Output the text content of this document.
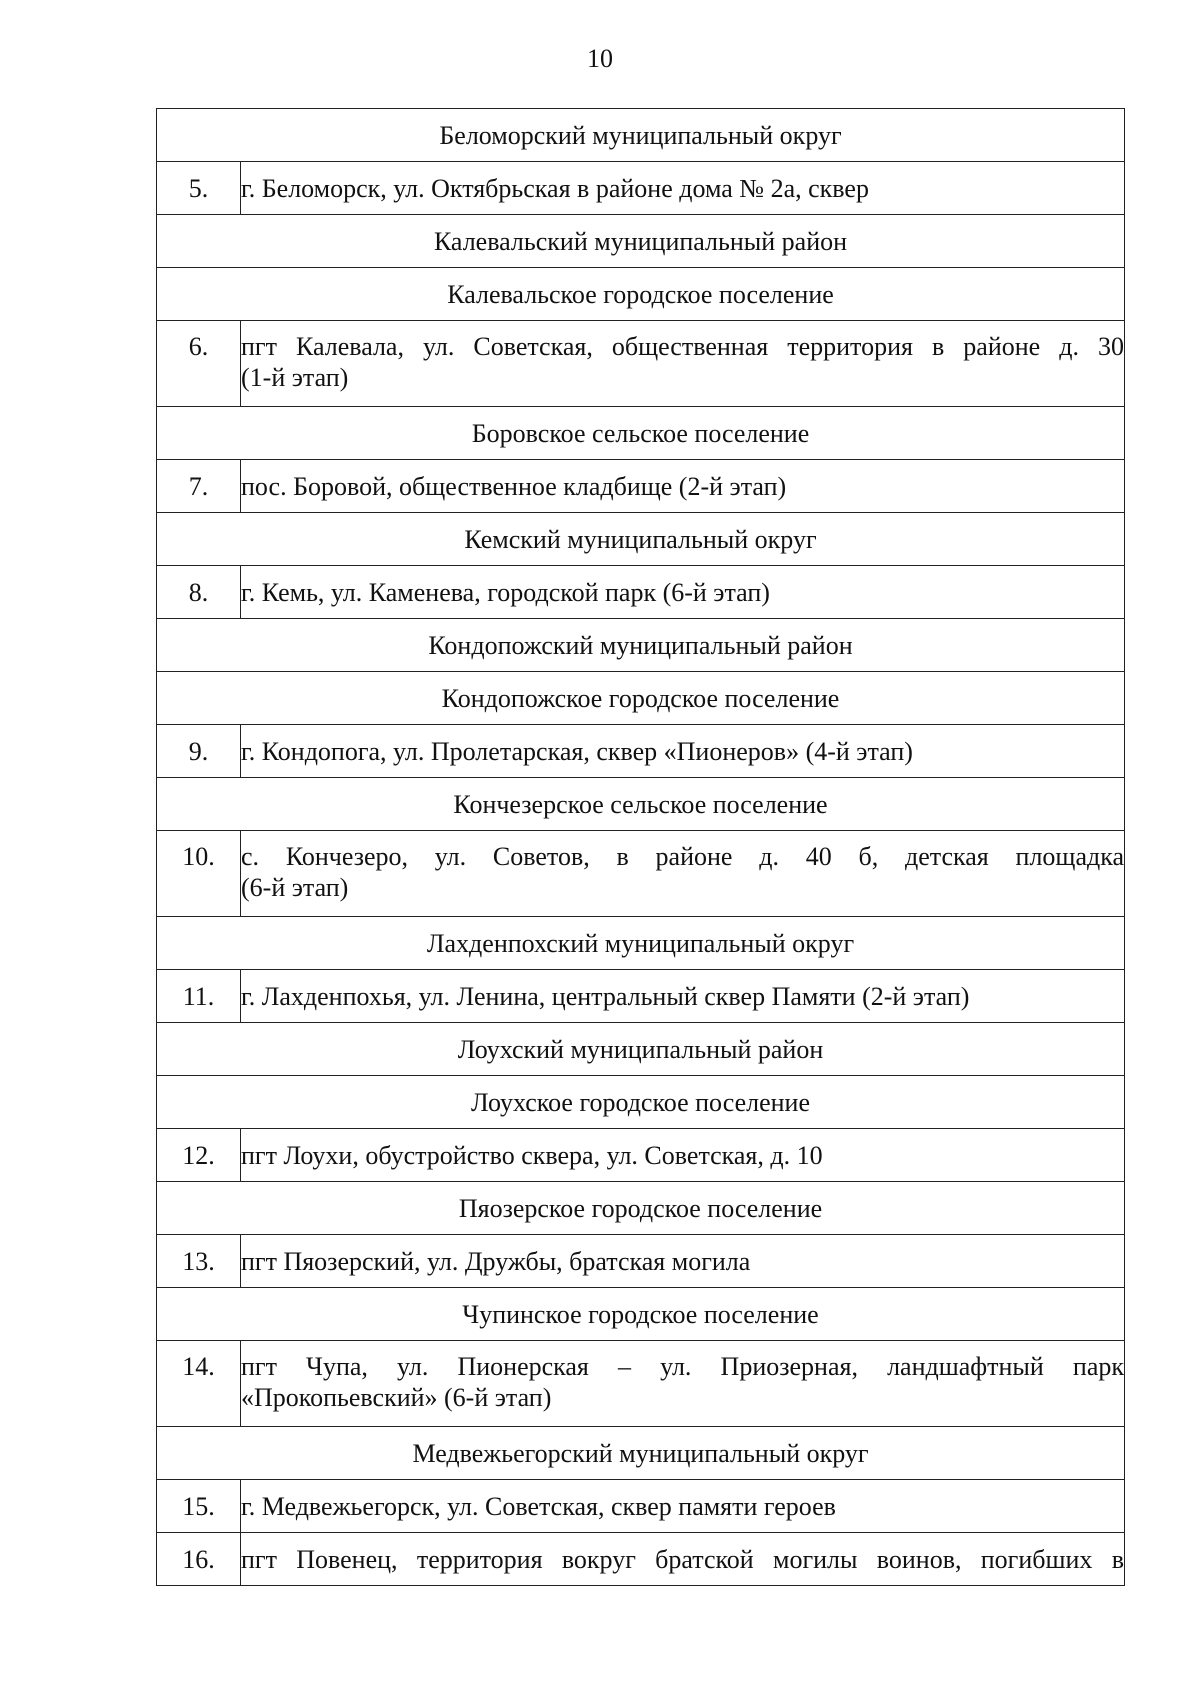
10
Беломорский муниципальный округ	
5.	г. Беломорск, ул. Октябрьская в районе дома № 2а, сквер
Калевальский муниципальный район	
Калевальское городское поселение	

6.	пгт Калевала, ул. Советская, общественная территория в районе д. 30
(1-й этап)

Боровское сельское поселение	
7.	пос. Боровой, общественное кладбище (2-й этап)
Кемский муниципальный округ	
8.	г. Кемь, ул. Каменева, городской парк (6-й этап)
Кондопожский муниципальный район	
Кондопожское городское поселение	
9.	г. Кондопога, ул. Пролетарская, сквер «Пионеров» (4-й этап)
Кончезерское сельское поселение	

10.	с. Кончезеро, ул. Советов, в районе д. 40 б, детская площадка
(6-й этап)

Лахденпохский муниципальный округ	
11.	г. Лахденпохья, ул. Ленина, центральный сквер Памяти (2-й этап)
Лоухский муниципальный район	
Лоухское городское поселение	
12.	пгт Лоухи, обустройство сквера, ул. Советская, д. 10
Пяозерское городское поселение	
13.	пгт Пяозерский, ул. Дружбы, братская могила
Чупинское городское поселение	

14.	пгт Чупа, ул. Пионерская – ул. Приозерная, ландшафтный парк
«Прокопьевский» (6-й этап)

Медвежьегорский муниципальный округ	
15.	г. Медвежьегорск, ул. Советская, сквер памяти героев
16.	пгт Повенец, территория вокруг братской могилы воинов, погибших в
